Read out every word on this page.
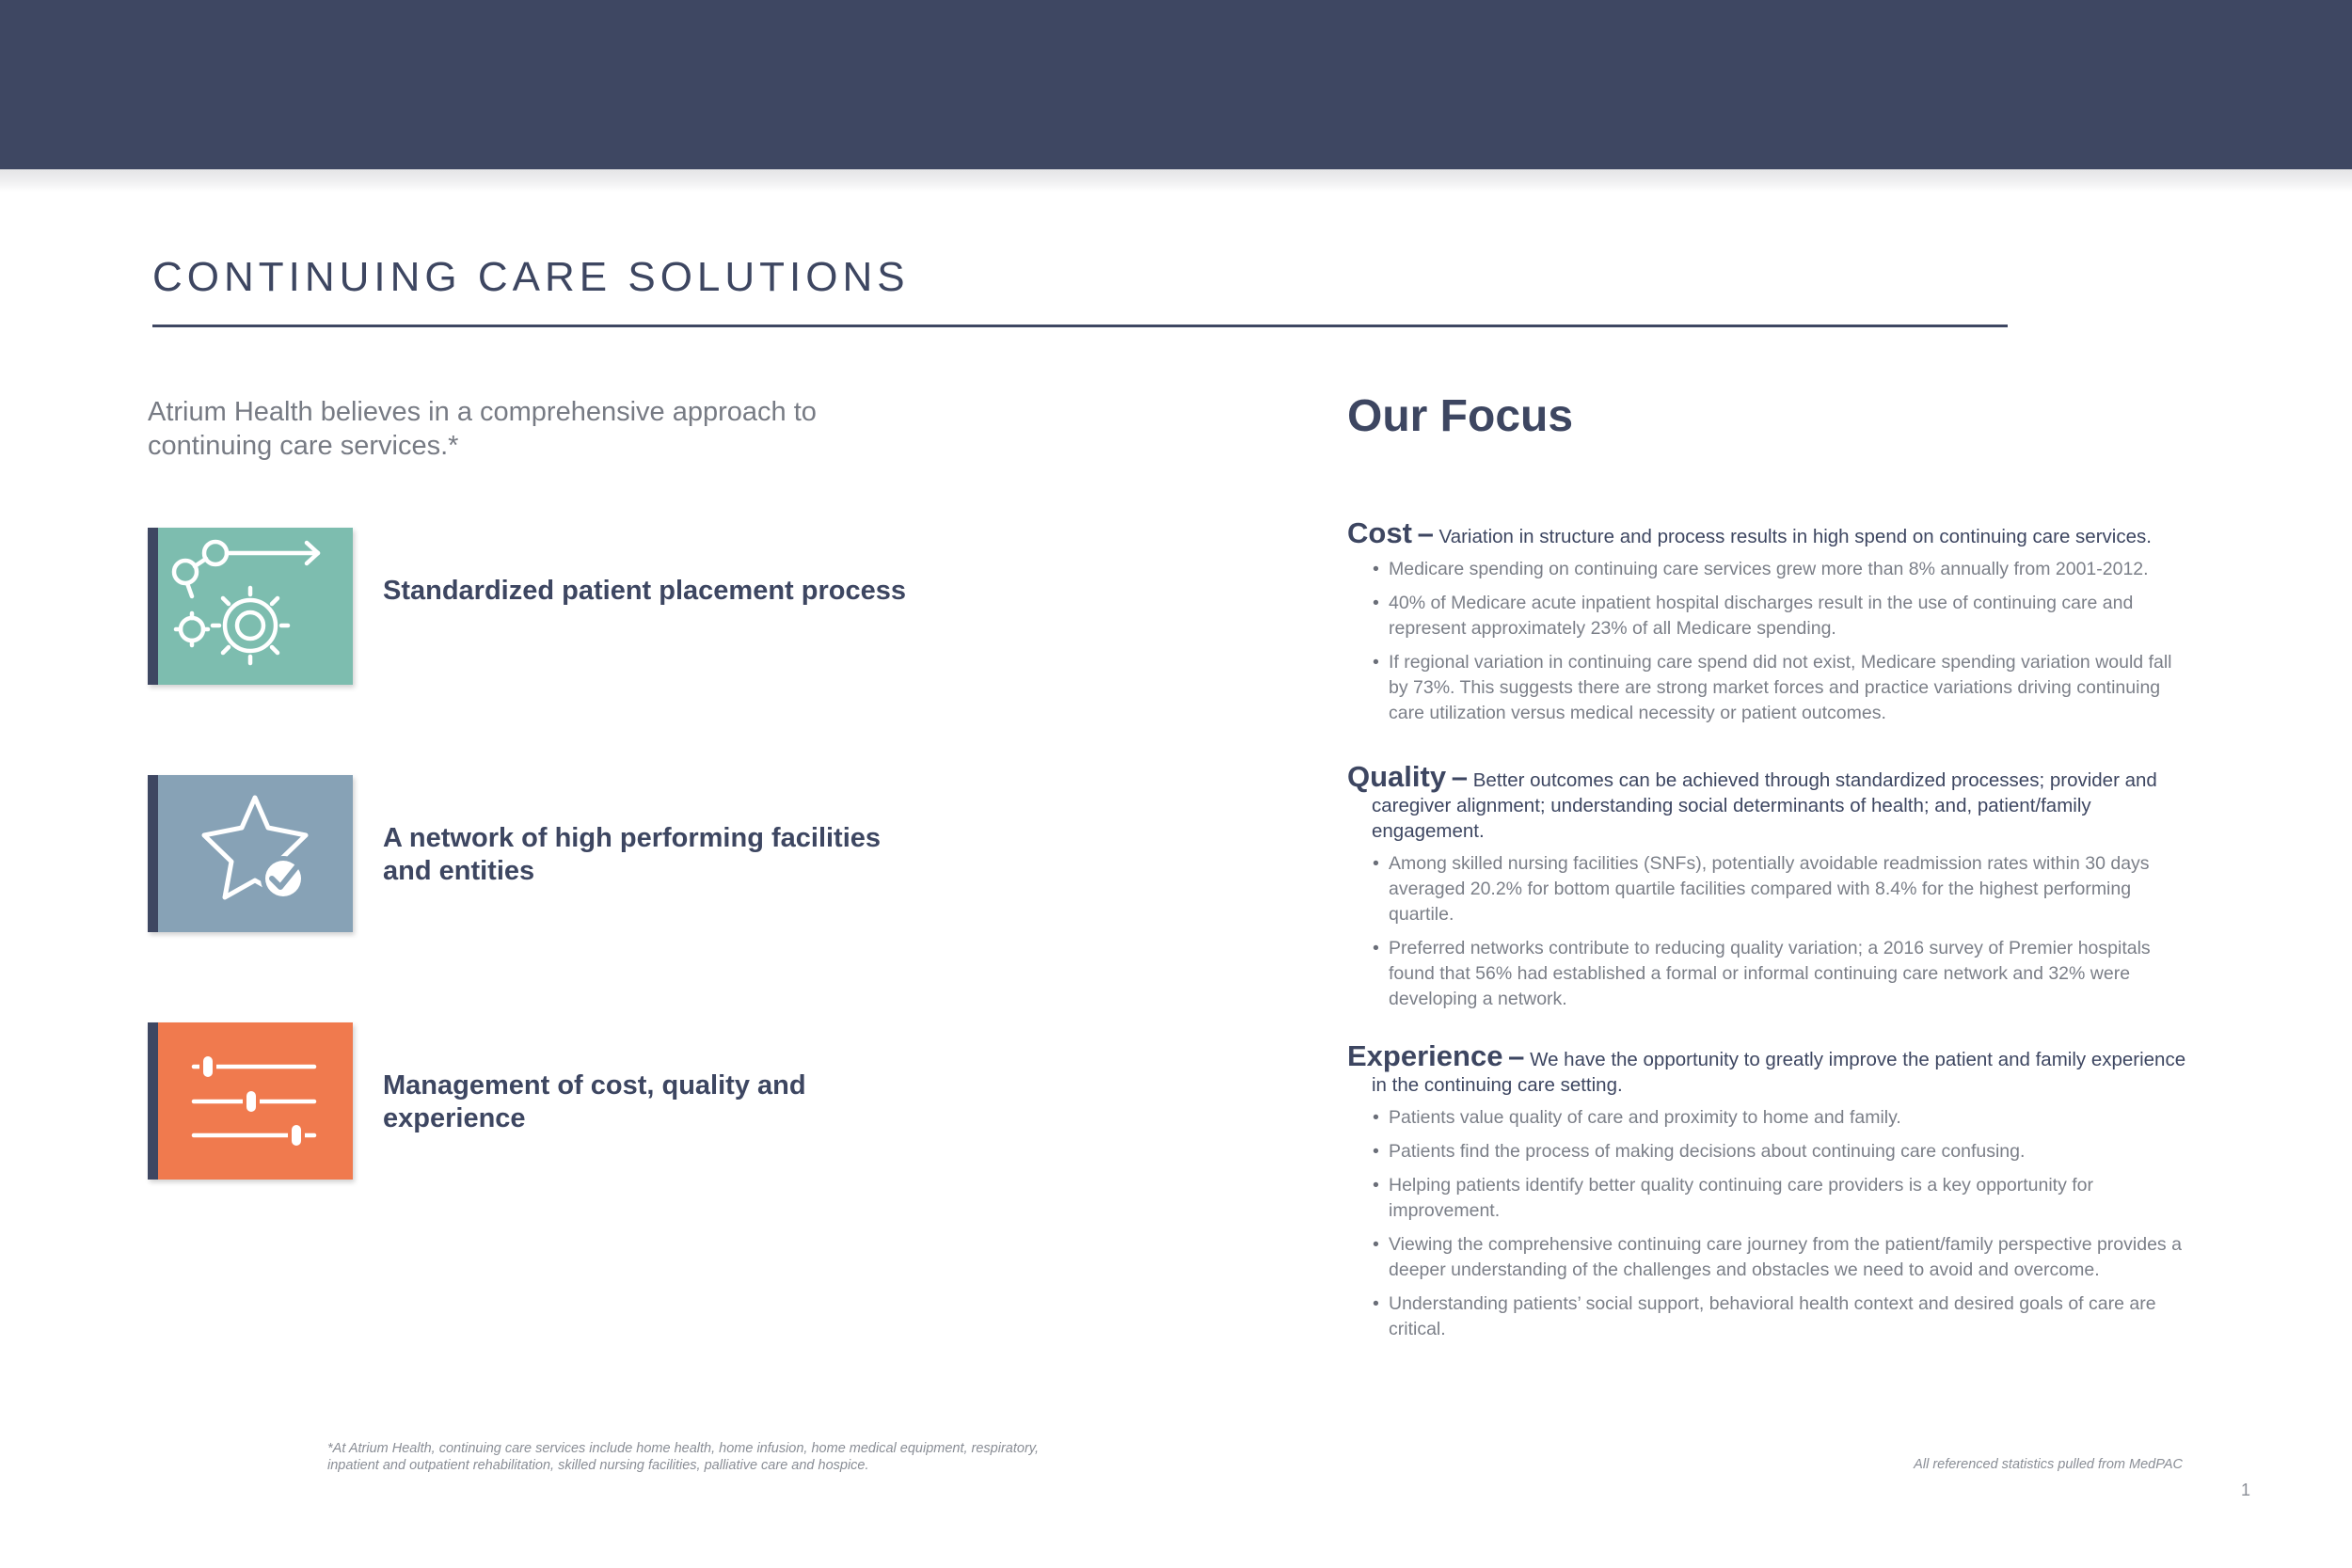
CONTINUING CARE SOLUTIONS

Atrium Health believes in a comprehensive approach to continuing care services.*

Standardized patient placement process

A network of high performing facilities and entities

Management of cost, quality and experience

Our Focus

Cost – Variation in structure and process results in high spend on continuing care services.

• Medicare spending on continuing care services grew more than 8% annually from 2001-2012.
• 40% of Medicare acute inpatient hospital discharges result in the use of continuing care and represent approximately 23% of all Medicare spending.
• If regional variation in continuing care spend did not exist, Medicare spending variation would fall by 73%. This suggests there are strong market forces and practice variations driving continuing care utilization versus medical necessity or patient outcomes.

Quality – Better outcomes can be achieved through standardized processes; provider and caregiver alignment; understanding social determinants of health; and, patient/family engagement.

• Among skilled nursing facilities (SNFs), potentially avoidable readmission rates within 30 days averaged 20.2% for bottom quartile facilities compared with 8.4% for the highest performing quartile.
• Preferred networks contribute to reducing quality variation; a 2016 survey of Premier hospitals found that 56% had established a formal or informal continuing care network and 32% were developing a network.

Experience – We have the opportunity to greatly improve the patient and family experience in the continuing care setting.

• Patients value quality of care and proximity to home and family.
• Patients find the process of making decisions about continuing care confusing.
• Helping patients identify better quality continuing care providers is a key opportunity for improvement.
• Viewing the comprehensive continuing care journey from the patient/family perspective provides a deeper understanding of the challenges and obstacles we need to avoid and overcome.
• Understanding patients’ social support, behavioral health context and desired goals of care are critical.

*At Atrium Health, continuing care services include home health, home infusion, home medical equipment, respiratory, inpatient and outpatient rehabilitation, skilled nursing facilities, palliative care and hospice.	All referenced statistics pulled from MedPAC

1
